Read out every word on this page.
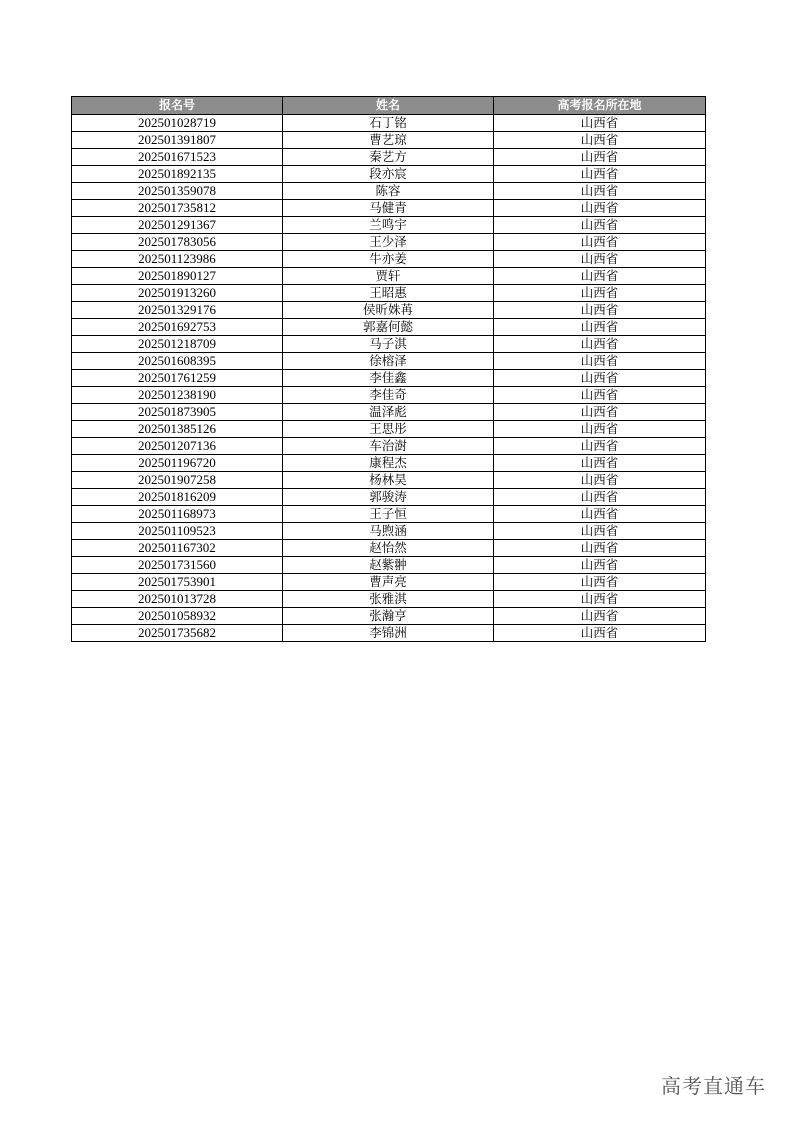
报名号	姓名	高考报名所在地
202501028719	石丁铭	山西省
202501391807	曹艺琼	山西省
202501671523	秦艺方	山西省
202501892135	段亦宸	山西省
202501359078	陈容	山西省
202501735812	马健青	山西省
202501291367	兰鸣宇	山西省
202501783056	王少泽	山西省
202501123986	牛亦姜	山西省
202501890127	贾轩	山西省
202501913260	王昭惠	山西省
202501329176	侯昕姝苒	山西省
202501692753	郭嘉何懿	山西省
202501218709	马子淇	山西省
202501608395	徐榕泽	山西省
202501761259	李佳鑫	山西省
202501238190	李佳奇	山西省
202501873905	温泽彪	山西省
202501385126	王思彤	山西省
202501207136	车治澍	山西省
202501196720	康程杰	山西省
202501907258	杨林昊	山西省
202501816209	郭骏涛	山西省
202501168973	王子恒	山西省
202501109523	马煦涵	山西省
202501167302	赵怡然	山西省
202501731560	赵紫翀	山西省
202501753901	曹声亮	山西省
202501013728	张雅淇	山西省
202501058932	张瀚亨	山西省
202501735682	李锦洲	山西省
高考直通车
